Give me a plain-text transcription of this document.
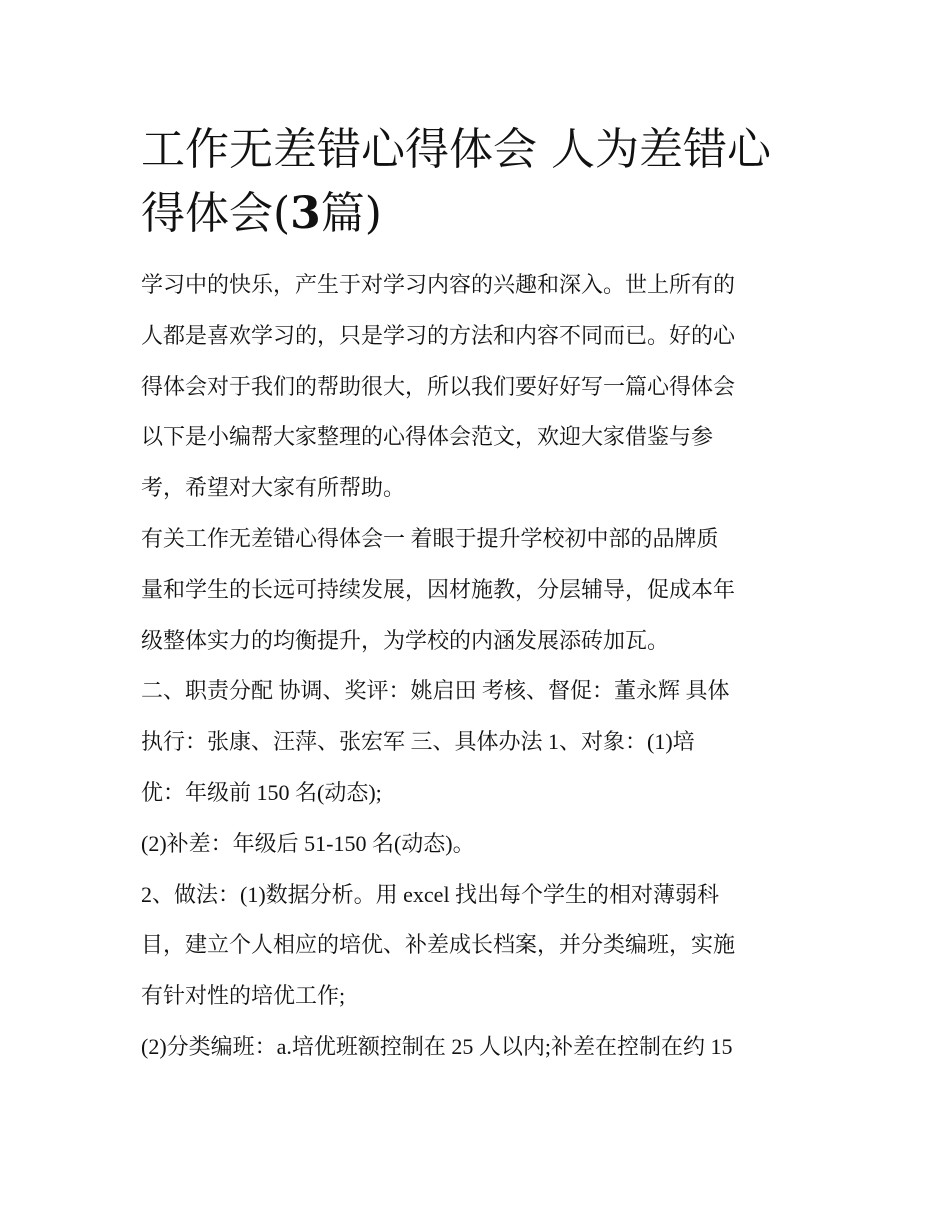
工作无差错心得体会 人为差错心得体会(3篇)
学习中的快乐，产生于对学习内容的兴趣和深入。世上所有的
人都是喜欢学习的，只是学习的方法和内容不同而已。好的心
得体会对于我们的帮助很大，所以我们要好好写一篇心得体会
以下是小编帮大家整理的心得体会范文，欢迎大家借鉴与参
考，希望对大家有所帮助。
有关工作无差错心得体会一 着眼于提升学校初中部的品牌质
量和学生的长远可持续发展，因材施教，分层辅导，促成本年
级整体实力的均衡提升，为学校的内涵发展添砖加瓦。
二、职责分配 协调、奖评：姚启田 考核、督促：董永辉 具体
执行：张康、汪萍、张宏军 三、具体办法 1、对象：(1)培
优：年级前 150 名(动态);
(2)补差：年级后 51-150 名(动态)。
2、做法：(1)数据分析。用 excel 找出每个学生的相对薄弱科
目，建立个人相应的培优、补差成长档案，并分类编班，实施
有针对性的培优工作;
(2)分类编班：a.培优班额控制在 25 人以内;补差在控制在约 15
